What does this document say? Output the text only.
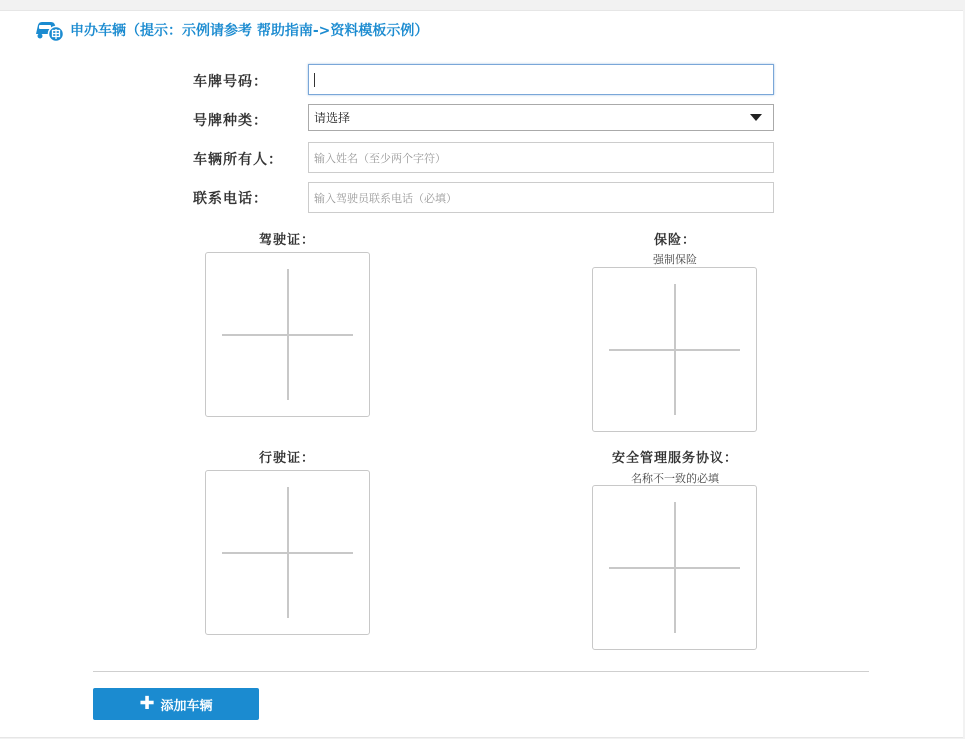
申办车辆（提示：示例请参考 帮助指南->资料模板示例）
车牌号码：
号牌种类：	请选择
车辆所有人：	输入姓名（至少两个字符）
联系电话：	输入驾驶员联系电话（必填）
驾驶证：	保险：
强制保险
行驶证：	安全管理服务协议：
名称不一致的必填
✚ 添加车辆
